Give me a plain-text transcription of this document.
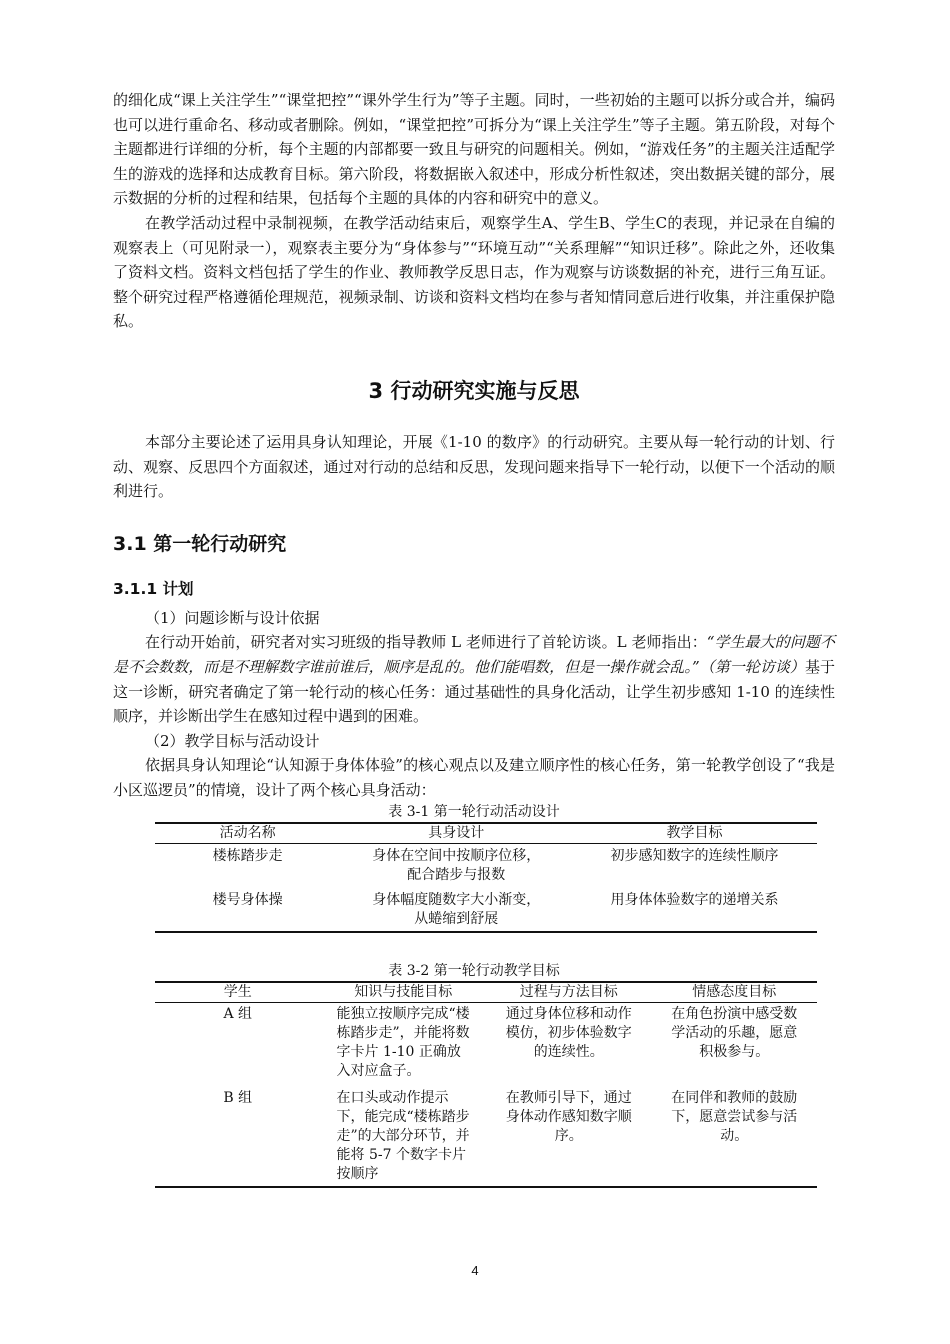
的细化成“课上关注学生”“课堂把控”“课外学生行为”等子主题。同时，一些初始的主题可以拆分或合并，编码也可以进行重命名、移动或者删除。例如，“课堂把控”可拆分为“课上关注学生”等子主题。第五阶段，对每个主题都进行详细的分析，每个主题的内部都要一致且与研究的问题相关。例如，“游戏任务”的主题关注适配学生的游戏的选择和达成教育目标。第六阶段，将数据嵌入叙述中，形成分析性叙述，突出数据关键的部分，展示数据的分析的过程和结果，包括每个主题的具体的内容和研究中的意义。

在教学活动过程中录制视频，在教学活动结束后，观察学生A、学生B、学生C的表现，并记录在自编的观察表上（可见附录一），观察表主要分为“身体参与”“环境互动”“关系理解”“知识迁移”。除此之外，还收集了资料文档。资料文档包括了学生的作业、教师教学反思日志，作为观察与访谈数据的补充，进行三角互证。整个研究过程严格遵循伦理规范，视频录制、访谈和资料文档均在参与者知情同意后进行收集，并注重保护隐私。

3 行动研究实施与反思

本部分主要论述了运用具身认知理论，开展《1-10 的数序》的行动研究。主要从每一轮行动的计划、行动、观察、反思四个方面叙述，通过对行动的总结和反思，发现问题来指导下一轮行动，以便下一个活动的顺利进行。

3.1 第一轮行动研究
3.1.1 计划

（1）问题诊断与设计依据

在行动开始前，研究者对实习班级的指导教师 L 老师进行了首轮访谈。L 老师指出：“学生最大的问题不是不会数数，而是不理解数字谁前谁后，顺序是乱的。他们能唱数，但是一操作就会乱。”（第一轮访谈）基于这一诊断，研究者确定了第一轮行动的核心任务：通过基础性的具身化活动，让学生初步感知 1-10 的连续性顺序，并诊断出学生在感知过程中遇到的困难。

（2）教学目标与活动设计

依据具身认知理论“认知源于身体体验”的核心观点以及建立顺序性的核心任务，第一轮教学创设了“我是小区巡逻员”的情境，设计了两个核心具身活动：

表 3-1 第一轮行动活动设计
活动名称	具身设计	教学目标
楼栋踏步走	身体在空间中按顺序位移，配合踏步与报数	初步感知数字的连续性顺序
楼号身体操	身体幅度随数字大小渐变，从蜷缩到舒展	用身体体验数字的递增关系
表 3-2 第一轮行动教学目标
学生	知识与技能目标	过程与方法目标	情感态度目标
A 组	能独立按顺序完成“楼栋踏步走”，并能将数字卡片 1-10 正确放入对应盒子。	通过身体位移和动作模仿，初步体验数字的连续性。	在角色扮演中感受数学活动的乐趣，愿意积极参与。
B 组	在口头或动作提示下，能完成“楼栋踏步走”的大部分环节，并能将 5-7 个数字卡片按顺序	在教师引导下，通过身体动作感知数字顺序。	在同伴和教师的鼓励下，愿意尝试参与活动。
4
